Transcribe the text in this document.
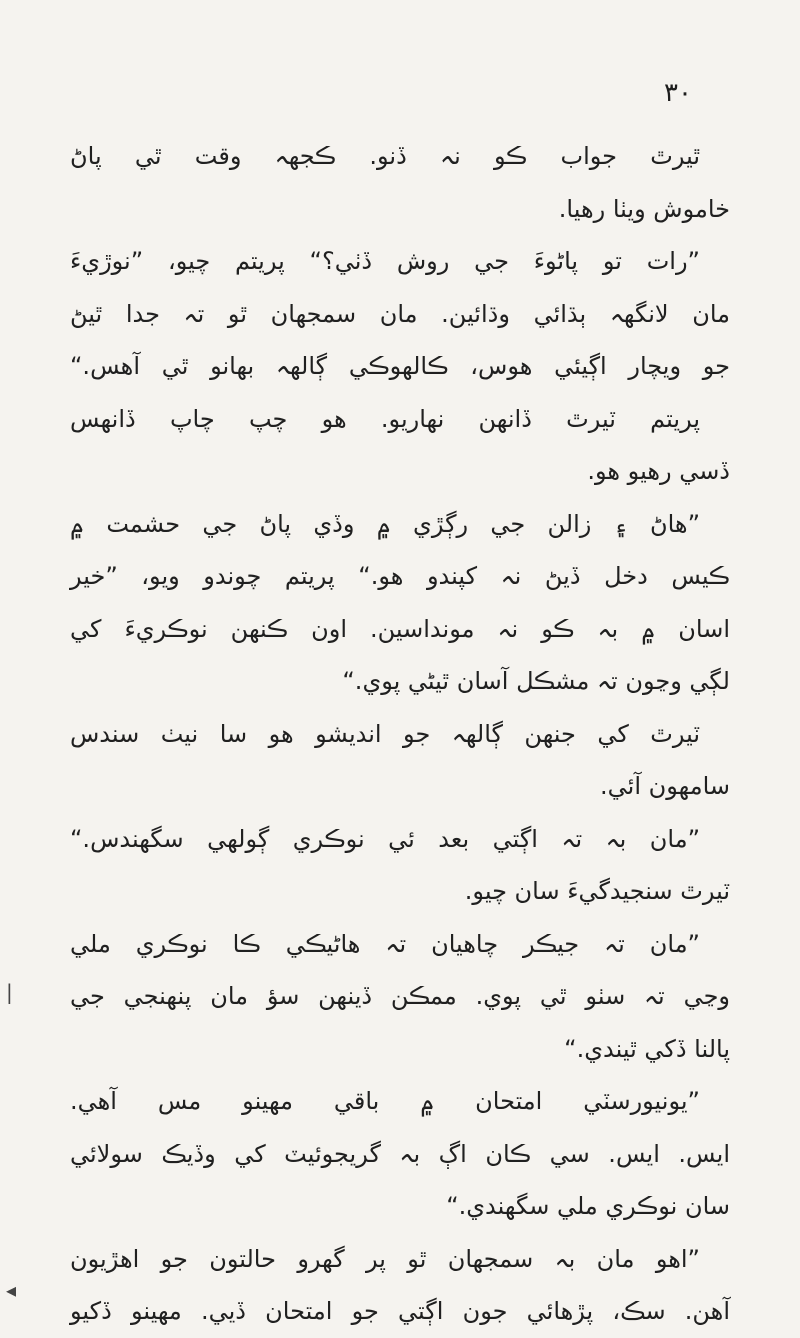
۳۰
ٿيرٿ جواب ڪو نہ ڏنو. ڪجهہ وقت ٿي پاڻ
خاموش ويٺا رهيا.
”رات تو پاڻوءَ جي روش ڏٺي؟“ پريتم چيو، ”نوڙيءَ
مان لانگهہ ٻڌائي وڌائين. مان سمجهان ٿو تہ جدا ٿيڻ
جو ويچار اڳيئي هوس، ڪالهوڪي ڳالهہ بهانو ٿي آهس.“
پريتم ٽيرٿ ڏانهن نهاريو. هو چپ چاپ ڏانهس
ڏسي رهيو هو.
”هاڻ ۽ زالن جي رڳڙي ۾ وڏي پاڻ جي حشمت ۾
ڪيس دخل ڏيڻ نہ کپندو هو.“ پريتم چوندو ويو، ”خير
اسان ۾ بہ ڪو نہ مونداسين. اون ڪنهن نوڪريءَ کي
لڳي وڃون تہ مشڪل آسان ٿيڻي پوي.“
ٽيرٿ کي جنهن ڳالهہ جو انديشو هو سا نيٺ سندس
سامهون آئي.
”مان بہ تہ اڳتي بعد ئي نوڪري ڳولهي سگهندس.“
ٽيرٿ سنجيدگيءَ سان چيو.
”مان تہ جيڪر چاهيان تہ هاڻيڪي ڪا نوڪري ملي
وڃي تہ سٺو ٿي پوي. ممڪن ڏينهن سؤ مان پنهنجي جي
پالنا ڏکي ٿيندي.“
”يونيورسٽي امتحان ۾ باقي مهينو مس آهي.
ايس. ايس. سي ڪان اڳ بہ گريجوئيٽ کي وڏيڪ سولائي
سان نوڪري ملي سگهندي.“
”اهو مان بہ سمجهان ٿو پر گهرو حالتون جو اهڙيون
آهن. سڪ، پڙهائي جون اڳتي جو امتحان ڏيي. مهينو ڏکيو
|
◂
